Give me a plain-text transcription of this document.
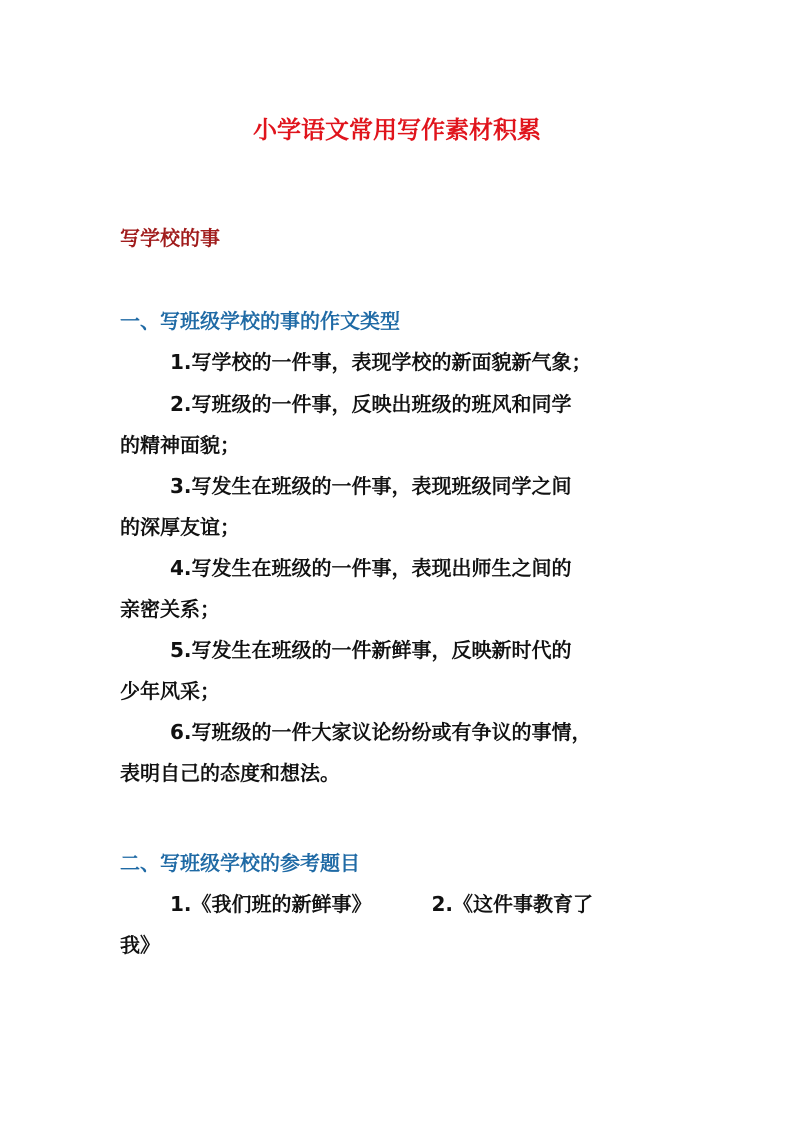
小学语文常用写作素材积累
写学校的事
一、写班级学校的事的作文类型
1.写学校的一件事，表现学校的新面貌新气象；
2.写班级的一件事，反映出班级的班风和同学
的精神面貌；
3.写发生在班级的一件事，表现班级同学之间
的深厚友谊；
4.写发生在班级的一件事，表现出师生之间的
亲密关系；
5.写发生在班级的一件新鲜事，反映新时代的
少年风采；
6.写班级的一件大家议论纷纷或有争议的事情，
表明自己的态度和想法。
二、写班级学校的参考题目
1.《我们班的新鲜事》	2.《这件事教育了
我》
